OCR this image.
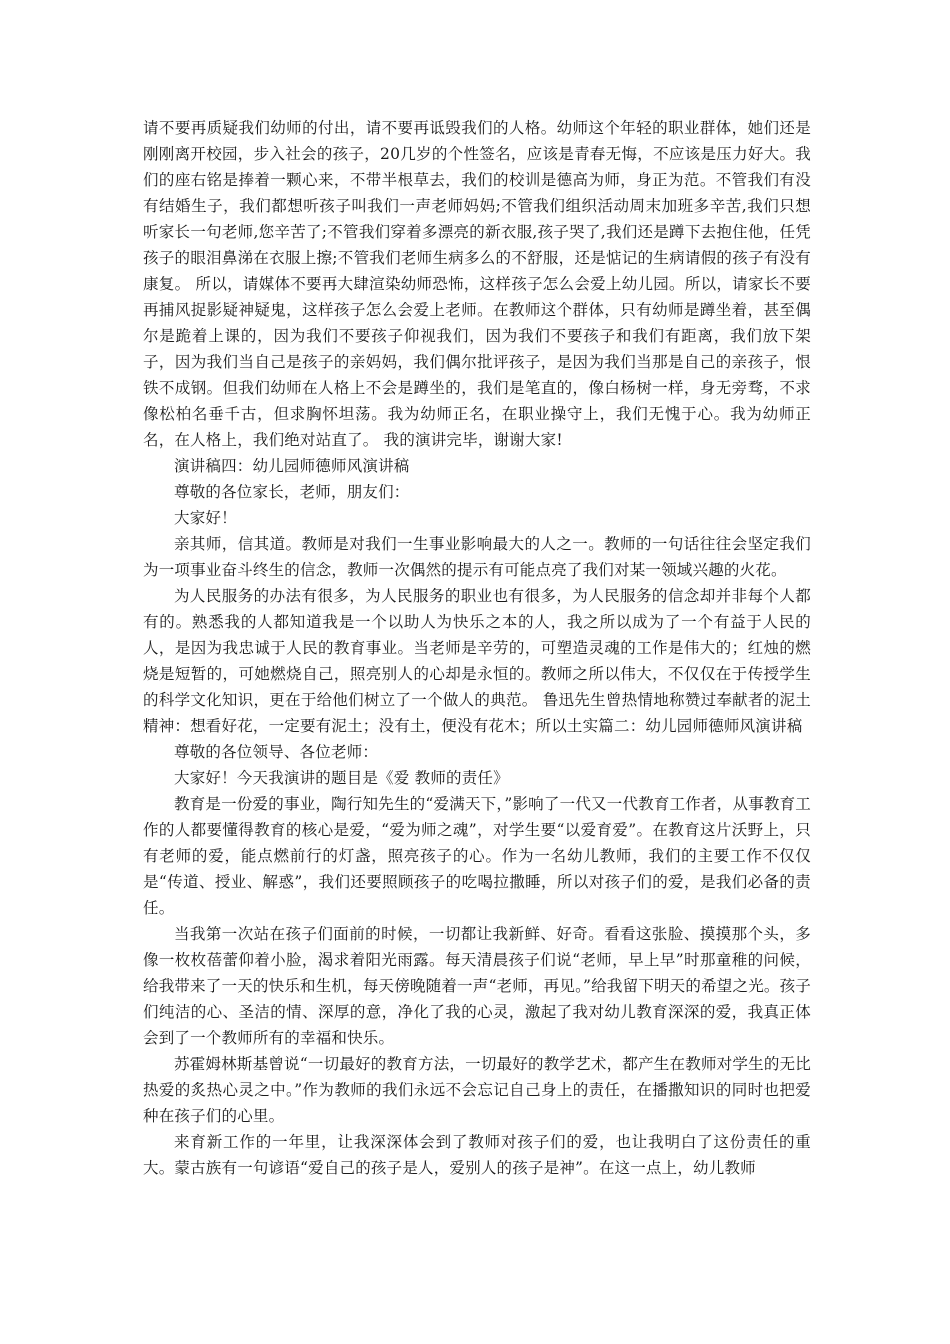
请不要再质疑我们幼师的付出，请不要再诋毁我们的人格。幼师这个年轻的职业群体，她们还是刚刚离开校园，步入社会的孩子，20几岁的个性签名，应该是青春无悔，不应该是压力好大。我们的座右铭是捧着一颗心来，不带半根草去，我们的校训是德高为师，身正为范。不管我们有没有结婚生子，我们都想听孩子叫我们一声老师妈妈;不管我们组织活动周末加班多辛苦,我们只想听家长一句老师,您辛苦了;不管我们穿着多漂亮的新衣服,孩子哭了,我们还是蹲下去抱住他，任凭孩子的眼泪鼻涕在衣服上擦;不管我们老师生病多么的不舒服，还是惦记的生病请假的孩子有没有康复。 所以，请媒体不要再大肆渲染幼师恐怖，这样孩子怎么会爱上幼儿园。所以，请家长不要再捕风捉影疑神疑鬼，这样孩子怎么会爱上老师。在教师这个群体，只有幼师是蹲坐着，甚至偶尔是跪着上课的，因为我们不要孩子仰视我们，因为我们不要孩子和我们有距离，我们放下架子，因为我们当自己是孩子的亲妈妈，我们偶尔批评孩子，是因为我们当那是自己的亲孩子，恨铁不成钢。但我们幼师在人格上不会是蹲坐的，我们是笔直的，像白杨树一样，身无旁骛，不求像松柏名垂千古，但求胸怀坦荡。我为幼师正名，在职业操守上，我们无愧于心。我为幼师正名，在人格上，我们绝对站直了。 我的演讲完毕，谢谢大家!

演讲稿四：幼儿园师德师风演讲稿

尊敬的各位家长，老师，朋友们：

大家好！

亲其师，信其道。教师是对我们一生事业影响最大的人之一。教师的一句话往往会坚定我们为一项事业奋斗终生的信念，教师一次偶然的提示有可能点亮了我们对某一领域兴趣的火花。

为人民服务的办法有很多，为人民服务的职业也有很多，为人民服务的信念却并非每个人都有的。熟悉我的人都知道我是一个以助人为快乐之本的人，我之所以成为了一个有益于人民的人，是因为我忠诚于人民的教育事业。当老师是辛劳的，可塑造灵魂的工作是伟大的；红烛的燃烧是短暂的，可她燃烧自己，照亮别人的心却是永恒的。教师之所以伟大，不仅仅在于传授学生的科学文化知识，更在于给他们树立了一个做人的典范。 鲁迅先生曾热情地称赞过奉献者的泥土精神：想看好花，一定要有泥土；没有土，便没有花木；所以土实篇二：幼儿园师德师风演讲稿

尊敬的各位领导、各位老师：

大家好！今天我演讲的题目是《爱 教师的责任》

教育是一份爱的事业，陶行知先生的“爱满天下，”影响了一代又一代教育工作者，从事教育工作的人都要懂得教育的核心是爱，“爱为师之魂”，对学生要“以爱育爱”。在教育这片沃野上，只有老师的爱，能点燃前行的灯盏，照亮孩子的心。作为一名幼儿教师，我们的主要工作不仅仅是“传道、授业、解惑”，我们还要照顾孩子的吃喝拉撒睡，所以对孩子们的爱，是我们必备的责任。

当我第一次站在孩子们面前的时候，一切都让我新鲜、好奇。看看这张脸、摸摸那个头，多像一枚枚蓓蕾仰着小脸，渴求着阳光雨露。每天清晨孩子们说“老师，早上早”时那童稚的问候，给我带来了一天的快乐和生机，每天傍晚随着一声“老师，再见。”给我留下明天的希望之光。孩子们纯洁的心、圣洁的情、深厚的意，净化了我的心灵，激起了我对幼儿教育深深的爱，我真正体会到了一个教师所有的幸福和快乐。

苏霍姆林斯基曾说“一切最好的教育方法，一切最好的教学艺术，都产生在教师对学生的无比热爱的炙热心灵之中。”作为教师的我们永远不会忘记自己身上的责任，在播撒知识的同时也把爱种在孩子们的心里。

来育新工作的一年里，让我深深体会到了教师对孩子们的爱，也让我明白了这份责任的重大。蒙古族有一句谚语“爱自己的孩子是人，爱别人的孩子是神”。在这一点上，幼儿教师
